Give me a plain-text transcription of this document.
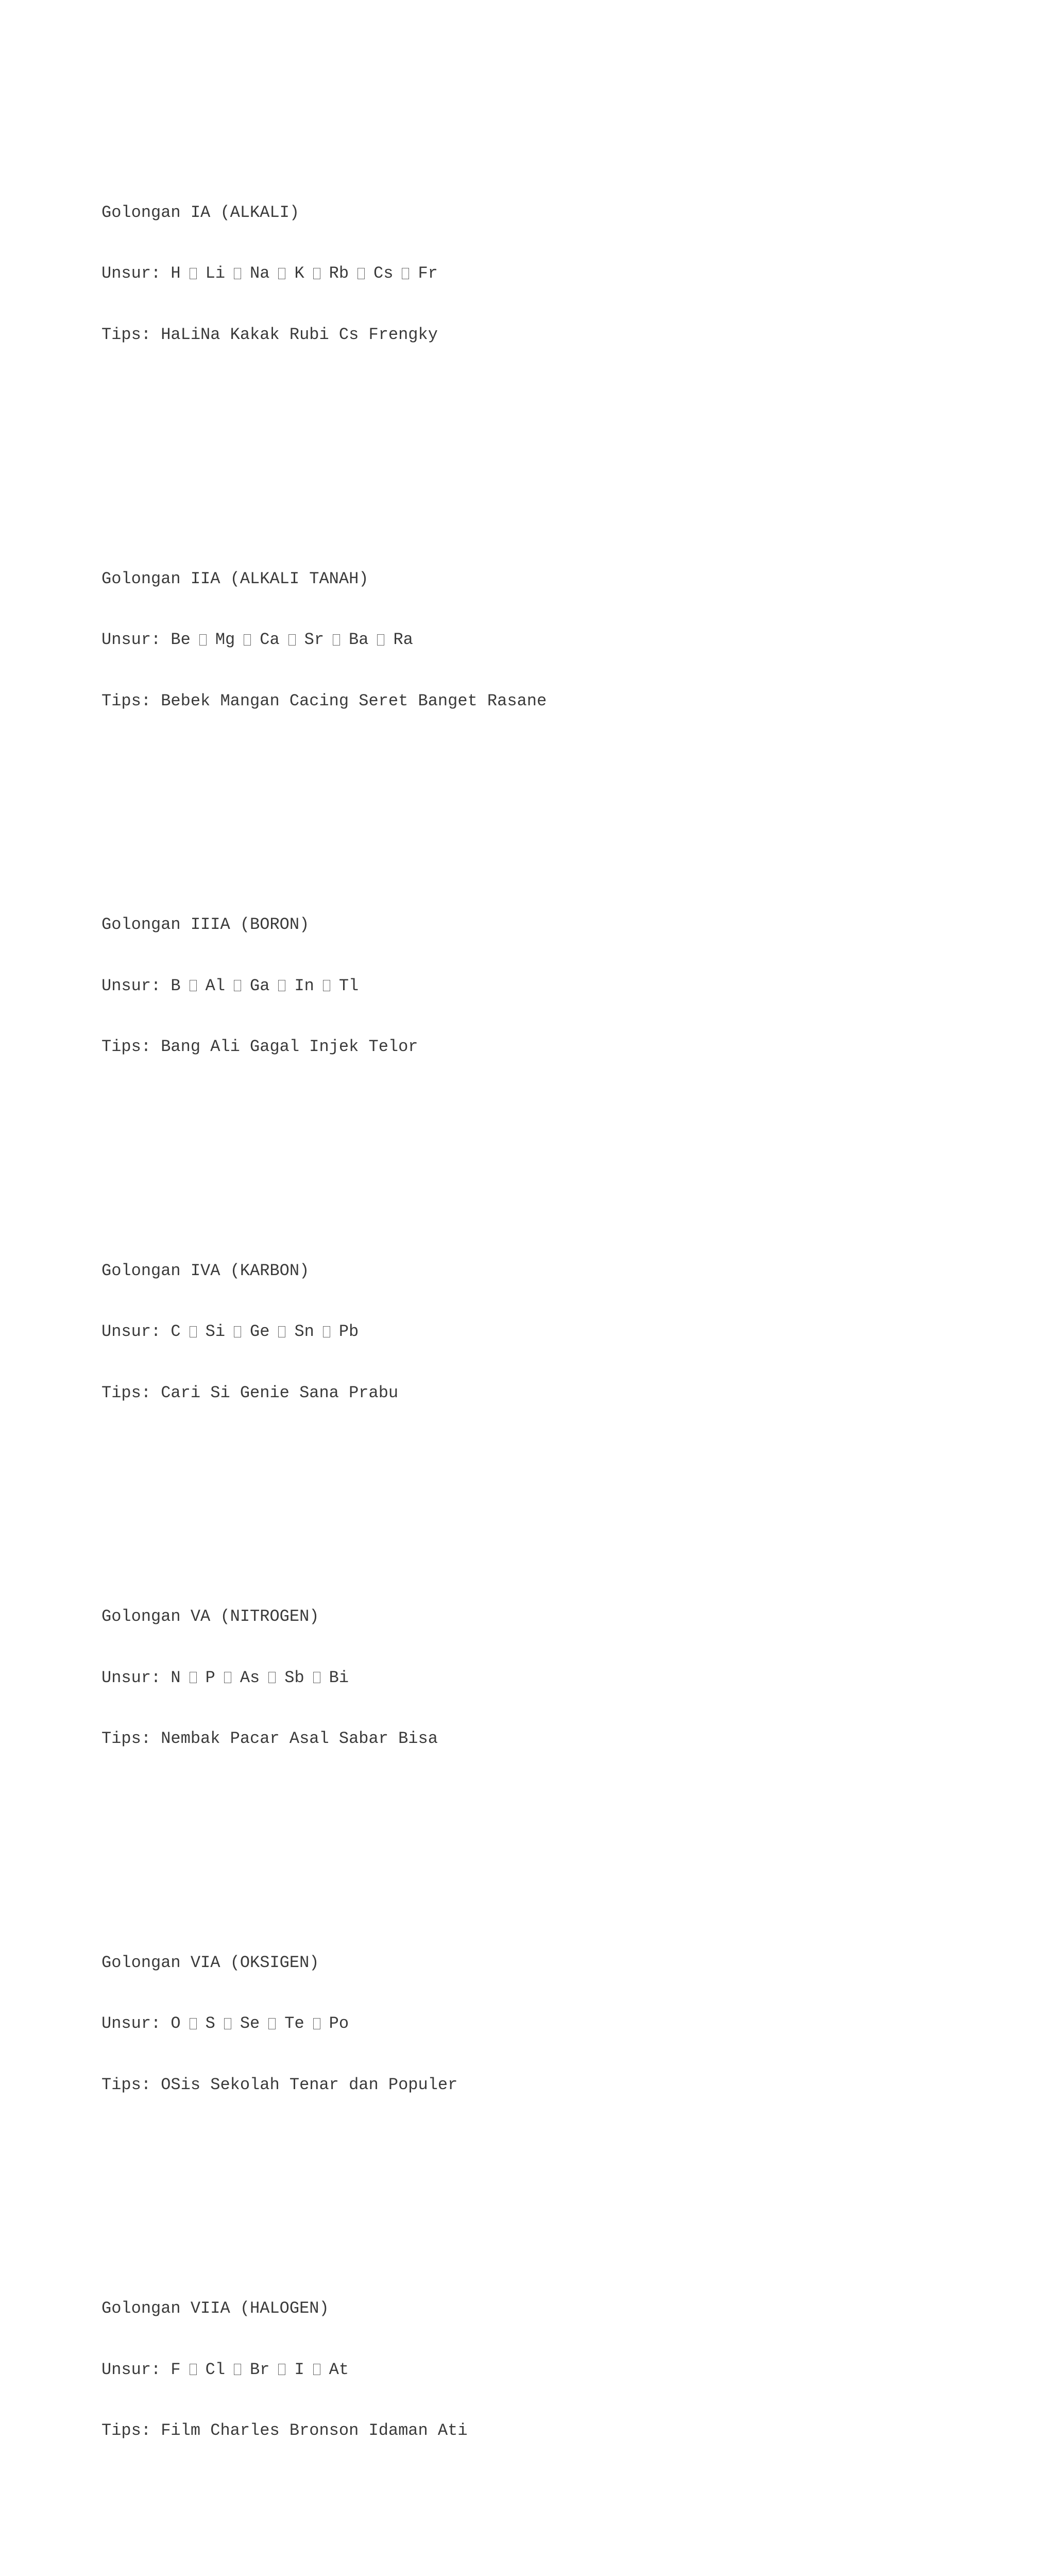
Golongan IA (ALKALI)

Unsur: H Li Na K Rb Cs Fr

Tips: HaLiNa Kakak Rubi Cs Frengky

Golongan IIA (ALKALI TANAH)

Unsur: Be Mg Ca Sr Ba Ra

Tips: Bebek Mangan Cacing Seret Banget Rasane

Golongan IIIA (BORON)

Unsur: B Al Ga In Tl

Tips: Bang Ali Gagal Injek Telor

Golongan IVA (KARBON)

Unsur: C Si Ge Sn Pb

Tips: Cari Si Genie Sana Prabu

Golongan VA (NITROGEN)

Unsur: N P As Sb Bi

Tips: Nembak Pacar Asal Sabar Bisa

Golongan VIA (OKSIGEN)

Unsur: O S Se Te Po

Tips: OSis Sekolah Tenar dan Populer

Golongan VIIA (HALOGEN)

Unsur: F Cl Br I At

Tips: Film Charles Bronson Idaman Ati
